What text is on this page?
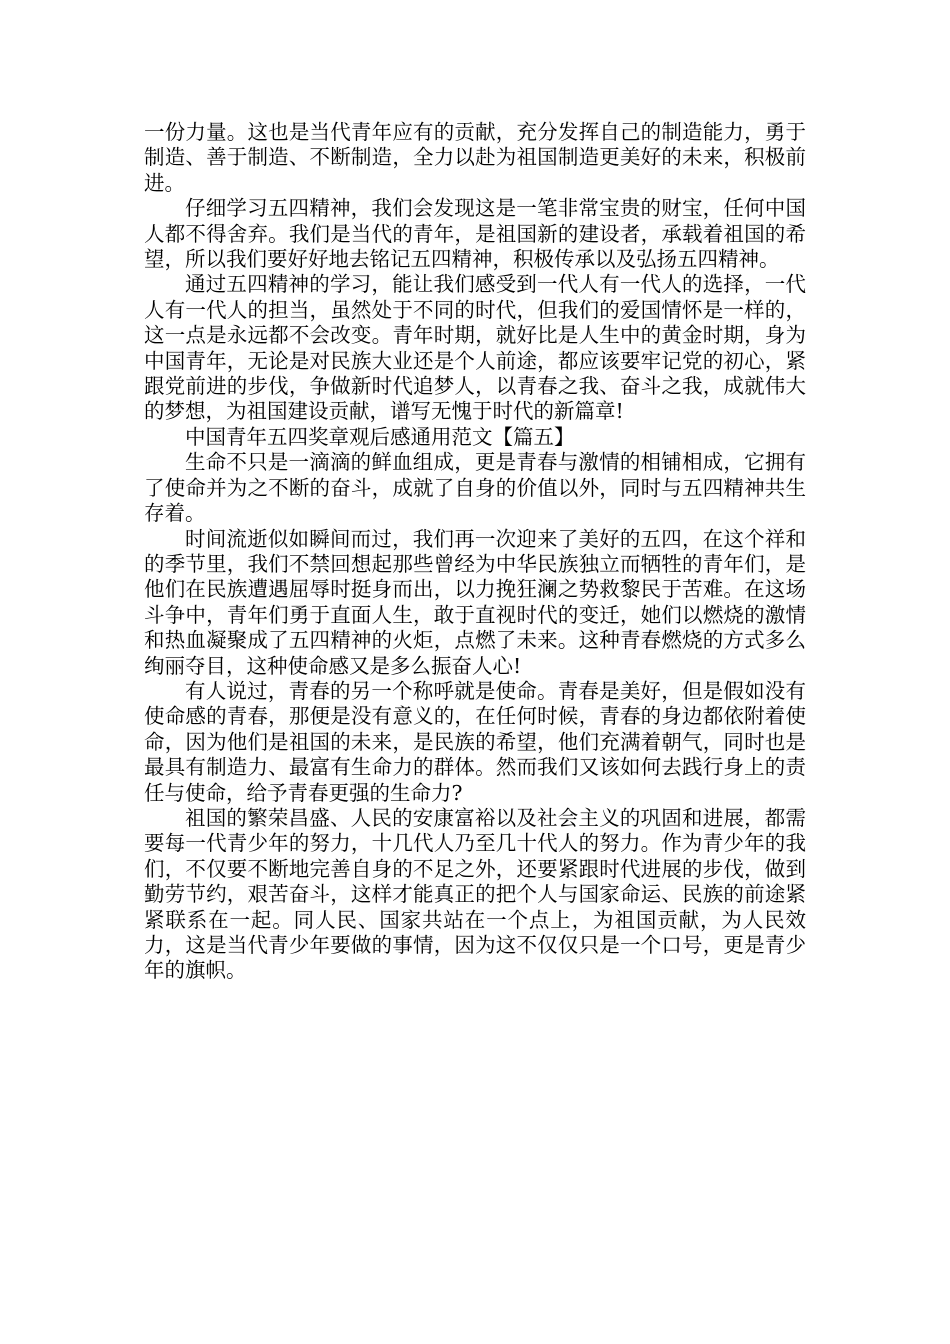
一份力量。这也是当代青年应有的贡献，充分发挥自己的制造能力，勇于制造、善于制造、不断制造，全力以赴为祖国制造更美好的未来，积极前进。

仔细学习五四精神，我们会发现这是一笔非常宝贵的财宝，任何中国人都不得舍弃。我们是当代的青年，是祖国新的建设者，承载着祖国的希望，所以我们要好好地去铭记五四精神，积极传承以及弘扬五四精神。

通过五四精神的学习，能让我们感受到一代人有一代人的选择，一代人有一代人的担当，虽然处于不同的时代，但我们的爱国情怀是一样的，这一点是永远都不会改变。青年时期，就好比是人生中的黄金时期，身为中国青年，无论是对民族大业还是个人前途，都应该要牢记党的初心，紧跟党前进的步伐，争做新时代追梦人，以青春之我、奋斗之我，成就伟大的梦想，为祖国建设贡献，谱写无愧于时代的新篇章!

中国青年五四奖章观后感通用范文【篇五】

生命不只是一滴滴的鲜血组成，更是青春与激情的相铺相成，它拥有了使命并为之不断的奋斗，成就了自身的价值以外，同时与五四精神共生存着。

时间流逝似如瞬间而过，我们再一次迎来了美好的五四，在这个祥和的季节里，我们不禁回想起那些曾经为中华民族独立而牺牲的青年们，是他们在民族遭遇屈辱时挺身而出，以力挽狂澜之势救黎民于苦难。在这场斗争中，青年们勇于直面人生，敢于直视时代的变迁，她们以燃烧的激情和热血凝聚成了五四精神的火炬，点燃了未来。这种青春燃烧的方式多么绚丽夺目，这种使命感又是多么振奋人心!

有人说过，青春的另一个称呼就是使命。青春是美好，但是假如没有使命感的青春，那便是没有意义的，在任何时候，青春的身边都依附着使命，因为他们是祖国的未来，是民族的希望，他们充满着朝气，同时也是最具有制造力、最富有生命力的群体。然而我们又该如何去践行身上的责任与使命，给予青春更强的生命力?

祖国的繁荣昌盛、人民的安康富裕以及社会主义的巩固和进展，都需要每一代青少年的努力，十几代人乃至几十代人的努力。作为青少年的我们，不仅要不断地完善自身的不足之外，还要紧跟时代进展的步伐，做到勤劳节约，艰苦奋斗，这样才能真正的把个人与国家命运、民族的前途紧紧联系在一起。同人民、国家共站在一个点上，为祖国贡献，为人民效力，这是当代青少年要做的事情，因为这不仅仅只是一个口号，更是青少年的旗帜。
